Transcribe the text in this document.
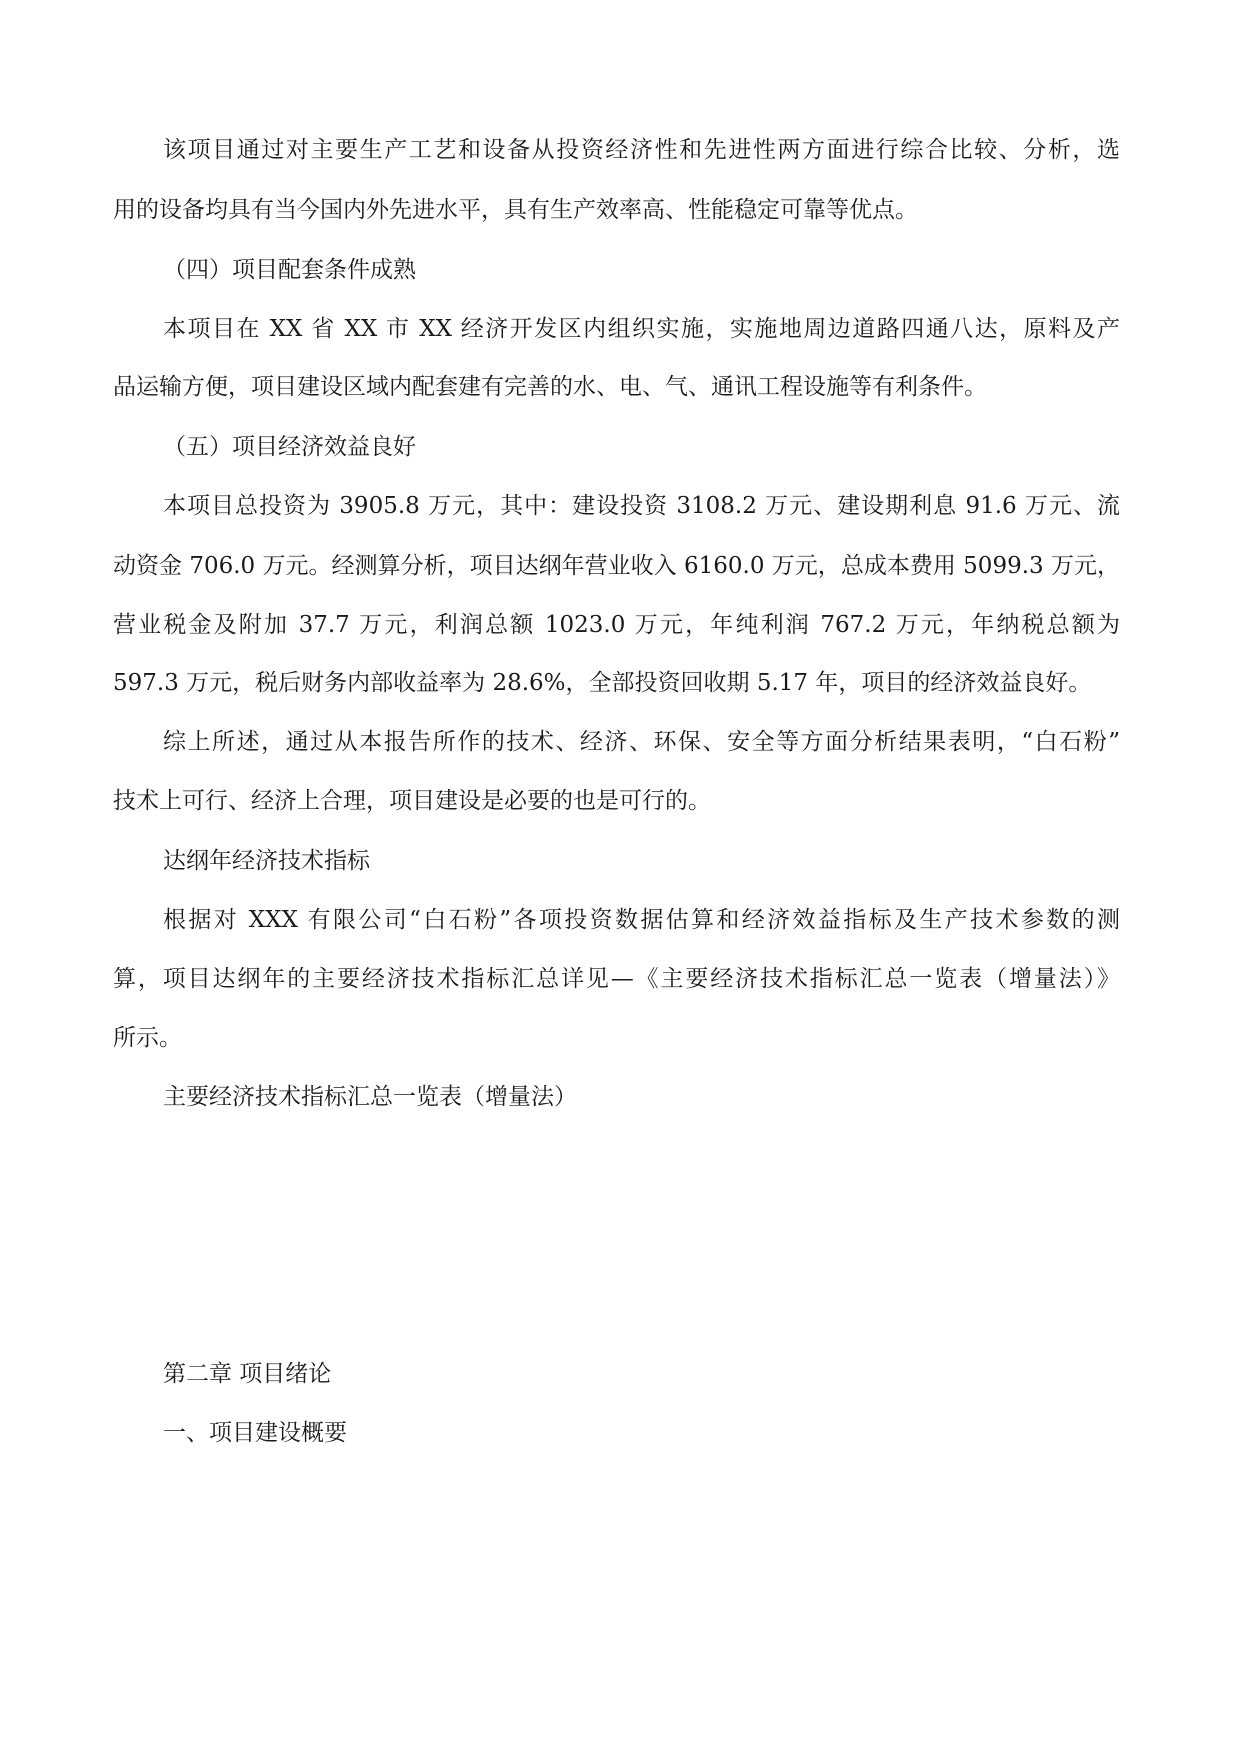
该项目通过对主要生产工艺和设备从投资经济性和先进性两方面进行综合比较、分析，选
用的设备均具有当今国内外先进水平，具有生产效率高、性能稳定可靠等优点。
（四）项目配套条件成熟
本项目在 XX 省 XX 市 XX 经济开发区内组织实施，实施地周边道路四通八达，原料及产
品运输方便，项目建设区域内配套建有完善的水、电、气、通讯工程设施等有利条件。
（五）项目经济效益良好
本项目总投资为 3905.8 万元，其中：建设投资 3108.2 万元、建设期利息 91.6 万元、流
动资金 706.0 万元。经测算分析，项目达纲年营业收入 6160.0 万元，总成本费用 5099.3 万元，
营业税金及附加 37.7 万元，利润总额 1023.0 万元，年纯利润 767.2 万元，年纳税总额为
597.3 万元，税后财务内部收益率为 28.6%，全部投资回收期 5.17 年，项目的经济效益良好。
综上所述，通过从本报告所作的技术、经济、环保、安全等方面分析结果表明，“白石粉”
技术上可行、经济上合理，项目建设是必要的也是可行的。
达纲年经济技术指标
根据对 XXX 有限公司“白石粉”各项投资数据估算和经济效益指标及生产技术参数的测
算，项目达纲年的主要经济技术指标汇总详见—《主要经济技术指标汇总一览表（增量法）》
所示。
主要经济技术指标汇总一览表（增量法）
第二章 项目绪论
一、项目建设概要
